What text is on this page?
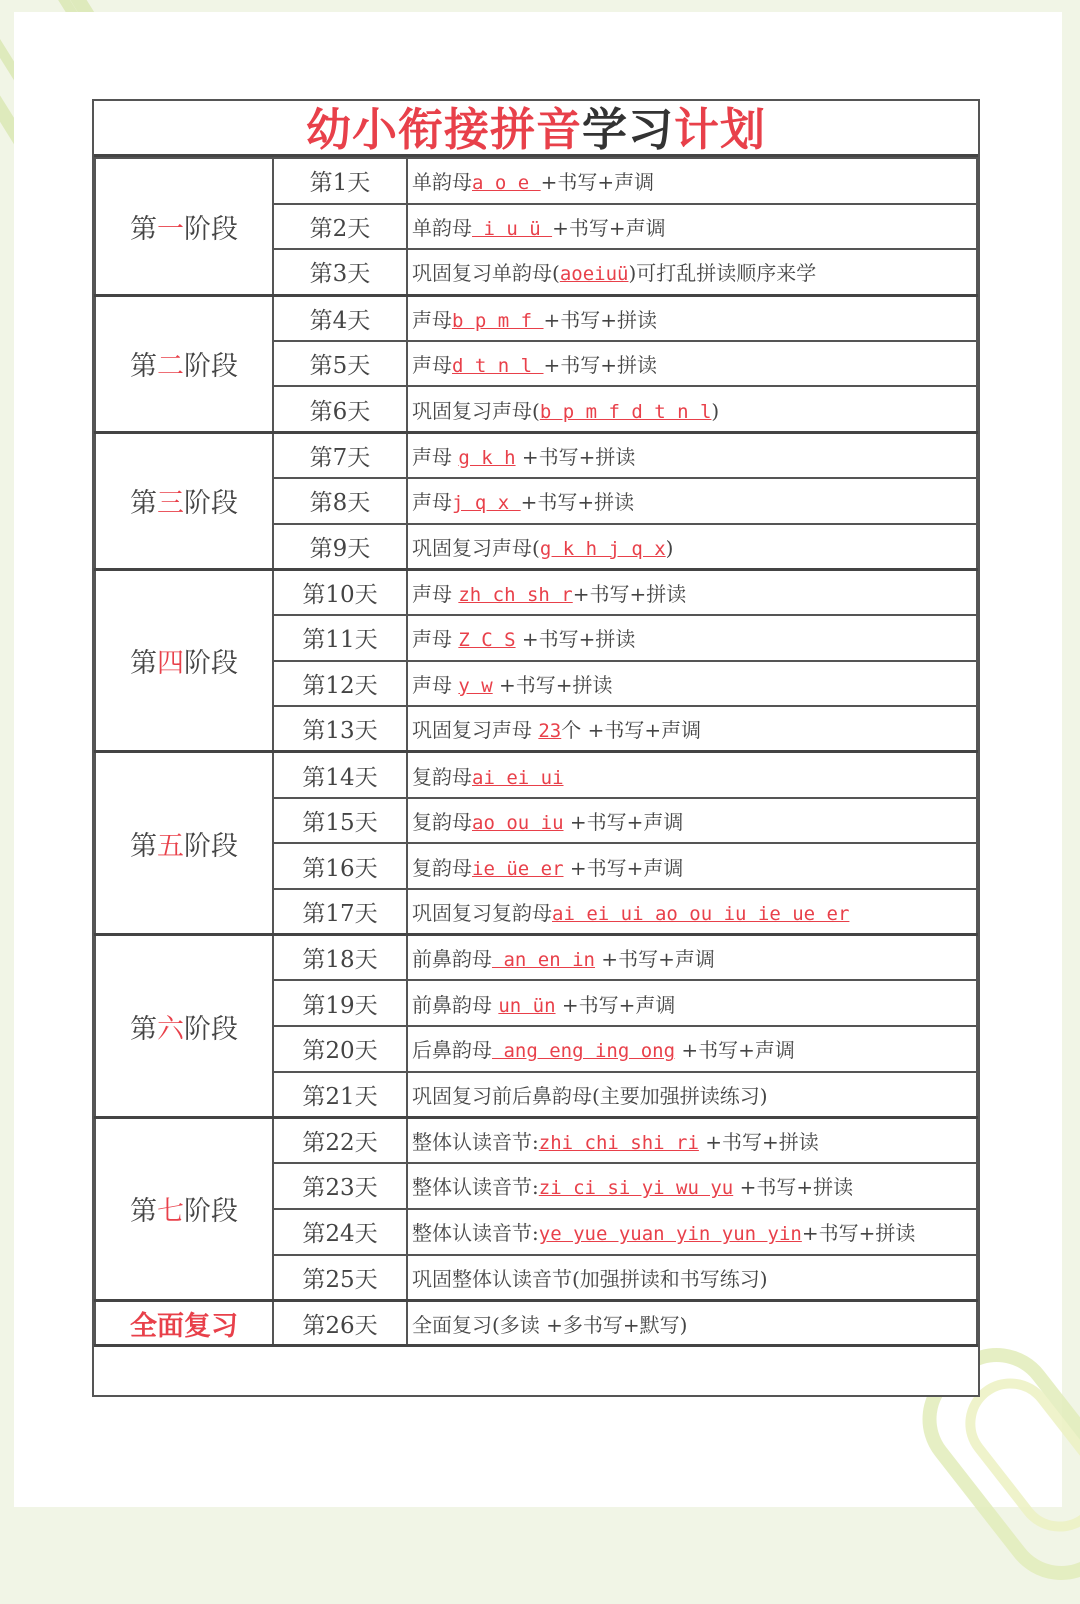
幼小衔接拼音学习计划
第一阶段	第1天	单韵母a o e +书写+声调
	第2天	单韵母 i u ü +书写+声调
	第3天	巩固复习单韵母(aoeiuü)可打乱拼读顺序来学
第二阶段	第4天	声母b p m f +书写+拼读
	第5天	声母d t n l +书写+拼读
	第6天	巩固复习声母(b p m f d t n l)
第三阶段	第7天	声母 g k h +书写+拼读
	第8天	声母j q x +书写+拼读
	第9天	巩固复习声母(g k h j q x)
第四阶段	第10天	声母 zh ch sh r+书写+拼读
	第11天	声母 Z C S +书写+拼读
	第12天	声母 y w +书写+拼读
	第13天	巩固复习声母 23个 +书写+声调
第五阶段	第14天	复韵母ai ei ui
	第15天	复韵母ao ou iu +书写+声调
	第16天	复韵母ie üe er +书写+声调
	第17天	巩固复习复韵母ai ei ui ao ou iu ie ue er
第六阶段	第18天	前鼻韵母 an en in +书写+声调
	第19天	前鼻韵母 un ün +书写+声调
	第20天	后鼻韵母 ang eng ing ong +书写+声调
	第21天	巩固复习前后鼻韵母(主要加强拼读练习)
第七阶段	第22天	整体认读音节:zhi chi shi ri +书写+拼读
	第23天	整体认读音节:zi ci si yi wu yu +书写+拼读
	第24天	整体认读音节:ye yue yuan yin yun yin+书写+拼读
	第25天	巩固整体认读音节(加强拼读和书写练习)
全面复习	第26天	全面复习(多读 +多书写+默写)
